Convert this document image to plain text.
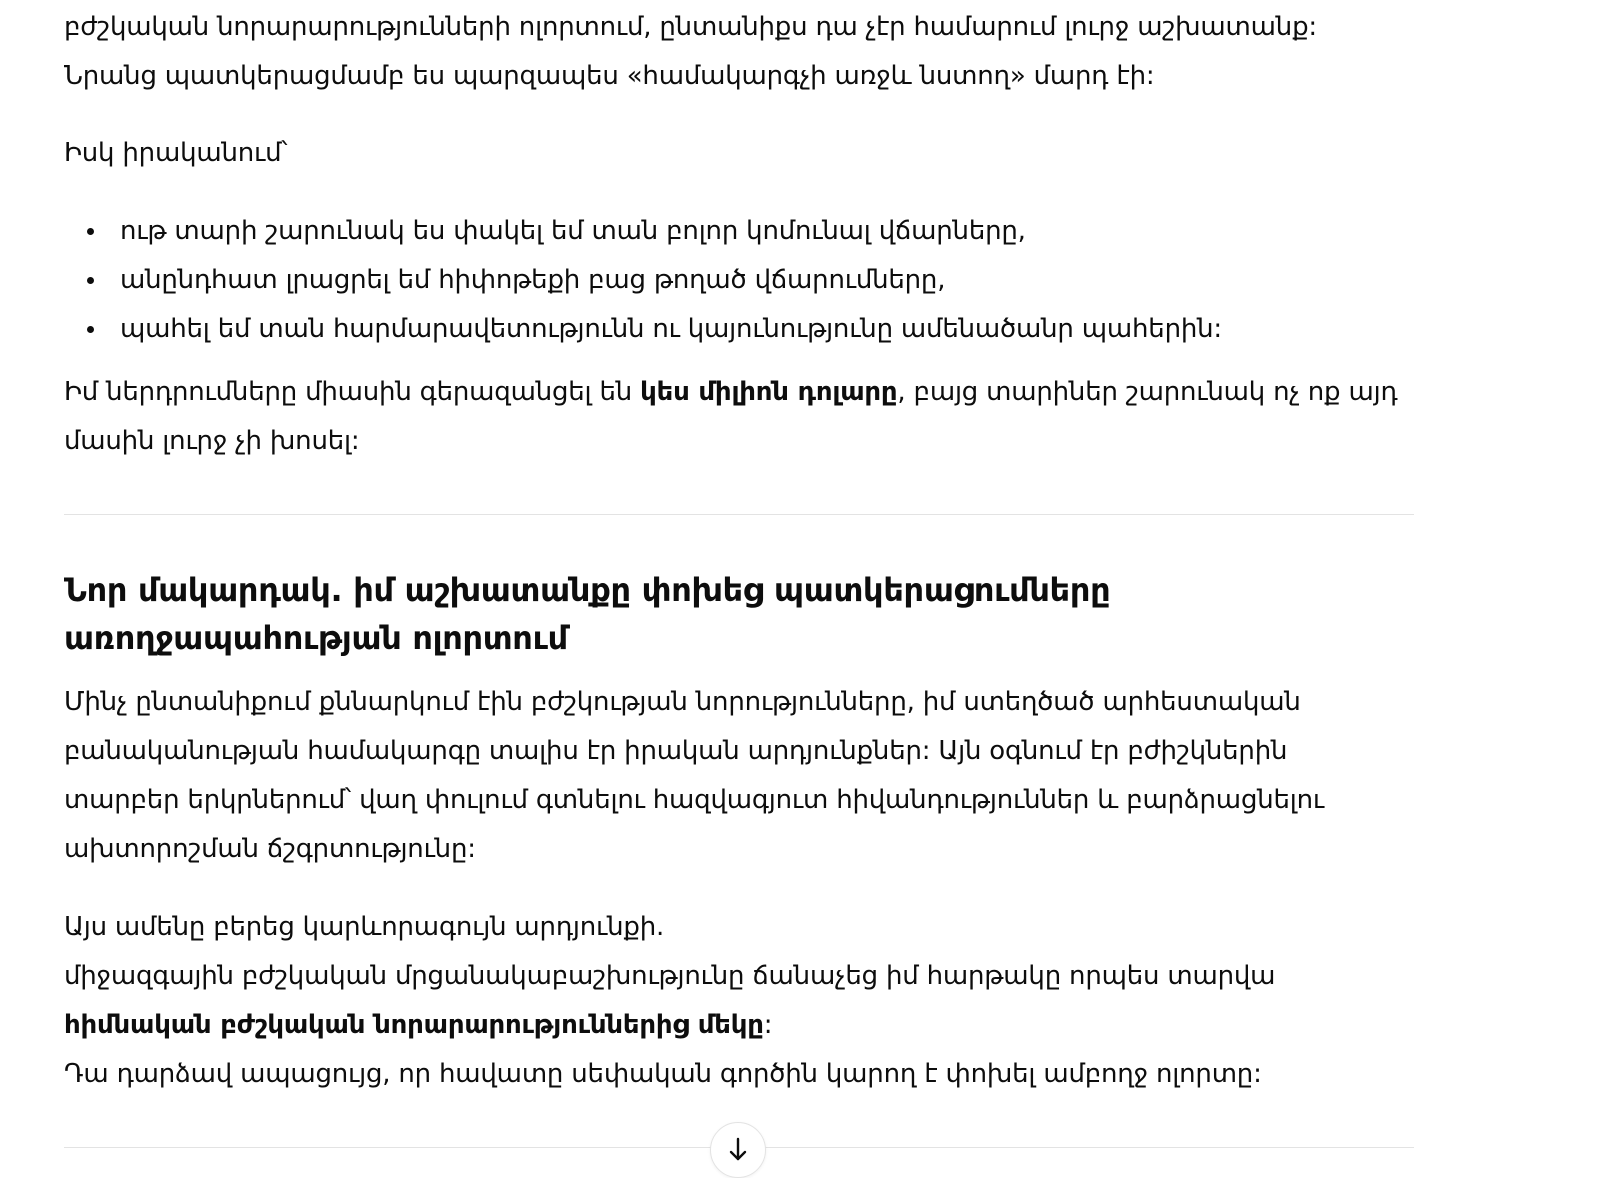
բժշկական նորարարությունների ոլորտում, ընտանիքս դա չէր համարում լուրջ աշխատանք: Նրանց պատկերացմամբ ես պարզապես «համակարգչի առջև նստող» մարդ էի:

Իսկ իրականում՝

ութ տարի շարունակ ես փակել եմ տան բոլոր կոմունալ վճարները,
անընդհատ լրացրել եմ հիփոթեքի բաց թողած վճարումները,
պահել եմ տան հարմարավետությունն ու կայունությունը ամենածանր պահերին:

Իմ ներդրումները միասին գերազանցել են կես միլիոն դոլարը, բայց տարիներ շարունակ ոչ ոք այդ մասին լուրջ չի խոսել:

Նոր մակարդակ. իմ աշխատանքը փոխեց պատկերացումները առողջապահության ոլորտում

Մինչ ընտանիքում քննարկում էին բժշկության նորությունները, իմ ստեղծած արհեստական բանականության համակարգը տալիս էր իրական արդյունքներ: Այն օգնում էր բժիշկներին տարբեր երկրներում՝ վաղ փուլում գտնելու հազվագյուտ հիվանդություններ և բարձրացնելու ախտորոշման ճշգրտությունը:

Այս ամենը բերեց կարևորագույն արդյունքի.
միջազգային բժշկական մրցանակաբաշխությունը ճանաչեց իմ հարթակը որպես տարվա հիմնական բժշկական նորարարություններից մեկը:
Դա դարձավ ապացույց, որ հավատը սեփական գործին կարող է փոխել ամբողջ ոլորտը:
